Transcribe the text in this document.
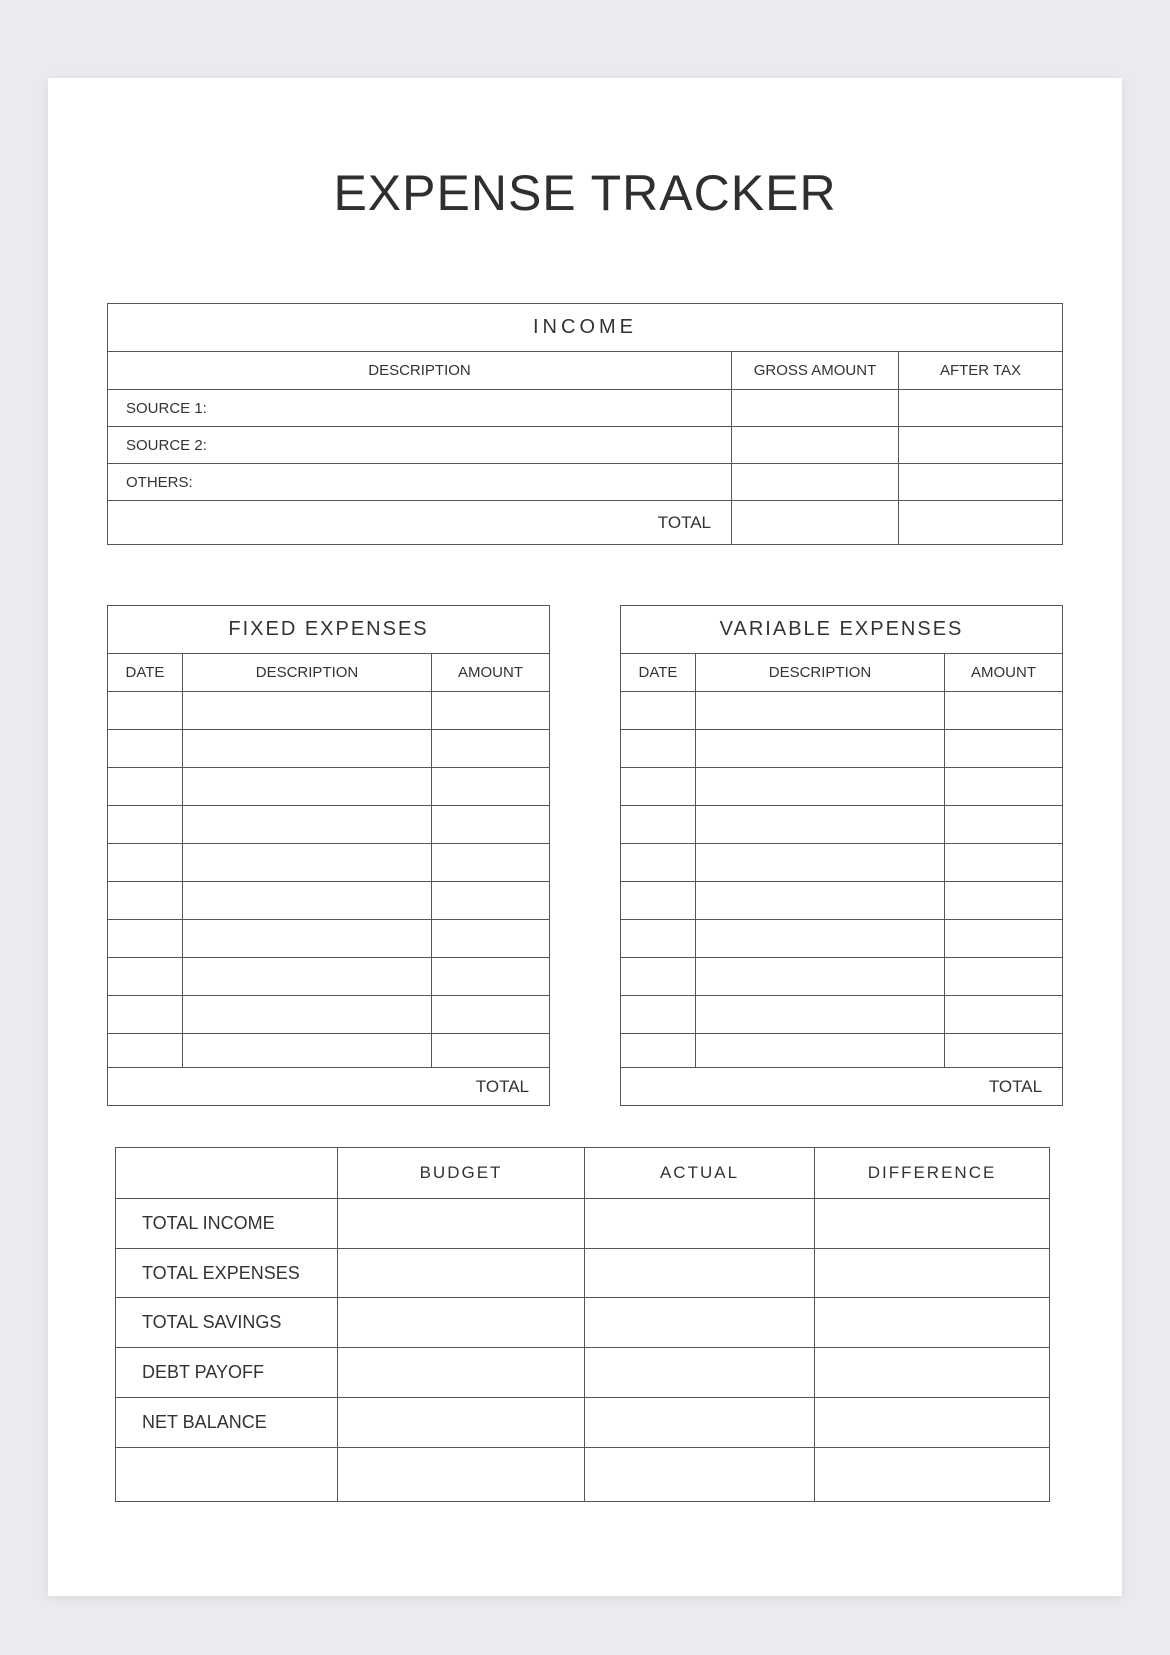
EXPENSE TRACKER
INCOME		
DESCRIPTION	GROSS AMOUNT	AFTER TAX
SOURCE 1:		
SOURCE 2:		
OTHERS:		
TOTAL		
FIXED EXPENSES		
DATE	DESCRIPTION	AMOUNT

TOTAL		
VARIABLE EXPENSES		
DATE	DESCRIPTION	AMOUNT

TOTAL		
	BUDGET	ACTUAL	DIFFERENCE
TOTAL INCOME			
TOTAL EXPENSES			
TOTAL SAVINGS			
DEBT PAYOFF			
NET BALANCE			
